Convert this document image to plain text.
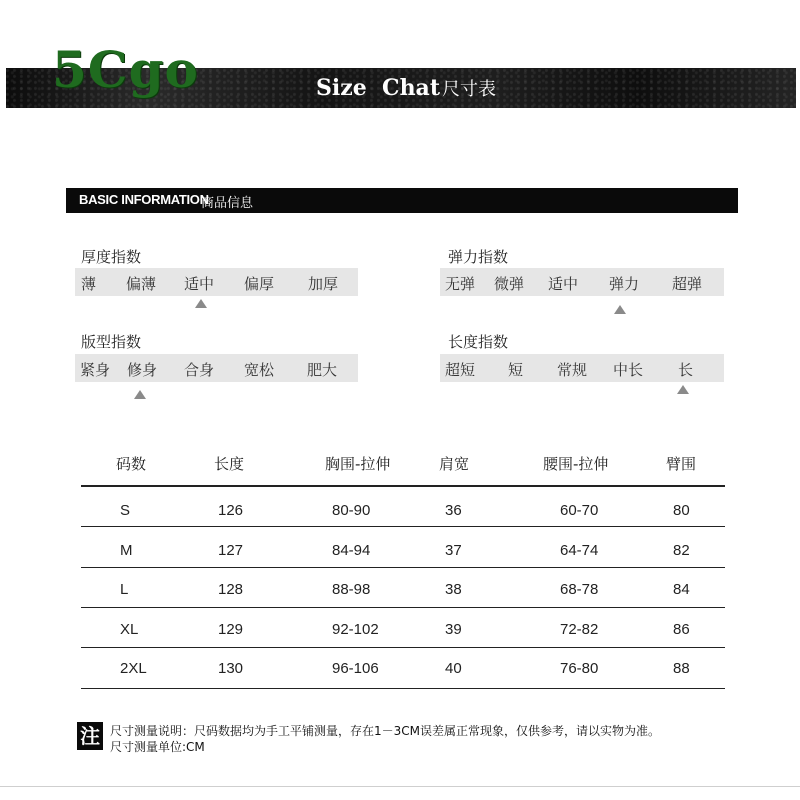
5Cgo	Size  Chat 尺寸表
BASIC INFORMATION
商品信息
厚度指数
薄 偏薄 适中 偏厚 加厚
弹力指数
无弹 微弹 适中 弹力 超弹
版型指数
紧身 修身 合身 宽松 肥大
长度指数
超短 短 常规 中长 长
码数	长度	胸围-拉伸	肩宽	腰围-拉伸	臂围
S	126	80-90	36	60-70	80
M	127	84-94	37	64-74	82
L	128	88-98	38	68-78	84
XL	129	92-102	39	72-82	86
2XL	130	96-106	40	76-80	88
注 尺寸测量说明：尺码数据均为手工平铺测量，存在1－3CM误差属正常现象，仅供参考，请以实物为准。
尺寸测量单位:CM
